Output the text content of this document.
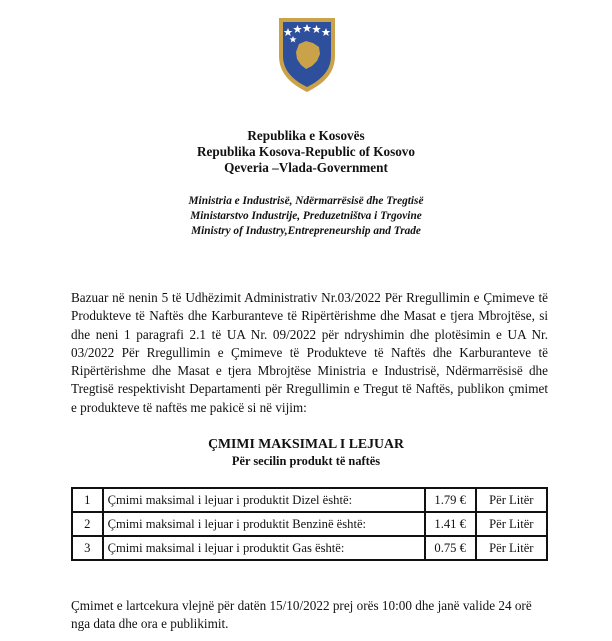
Republika e Kosovës
Republika Kosova-Republic of Kosovo
Qeveria –Vlada-Government
Ministria e Industrisë, Ndërmarrësisë dhe Tregtisë
Ministarstvo Industrije, Preduzetništva i Trgovine
Ministry of Industry,Entrepreneurship and Trade
Bazuar në nenin 5 të Udhëzimit Administrativ Nr.03/2022 Për Rregullimin e Çmimeve të Produkteve të Naftës dhe Karburanteve të Ripërtërishme dhe Masat e tjera Mbrojtëse, si dhe neni 1 paragrafi 2.1 të UA Nr. 09/2022 për ndryshimin dhe plotësimin e UA Nr. 03/2022 Për Rregullimin e Çmimeve të Produkteve të Naftës dhe Karburanteve të Ripërtërishme dhe Masat e tjera Mbrojtëse Ministria e Industrisë, Ndërmarrësisë dhe Tregtisë respektivisht Departamenti për Rregullimin e Tregut të Naftës, publikon çmimet e produkteve të naftës me pakicë si në vijim:
ÇMIMI MAKSIMAL I LEJUAR
Për secilin produkt të naftës
1	Çmimi maksimal i lejuar i produktit Dizel është:	1.79 €	Për Litër
2	Çmimi maksimal i lejuar i produktit Benzinë është:	1.41 €	Për Litër
3	Çmimi maksimal i lejuar i produktit Gas është:	0.75 €	Për Litër
Çmimet e lartcekura vlejnë për datën 15/10/2022 prej orës 10:00 dhe janë valide 24 orë nga data dhe ora e publikimit.
